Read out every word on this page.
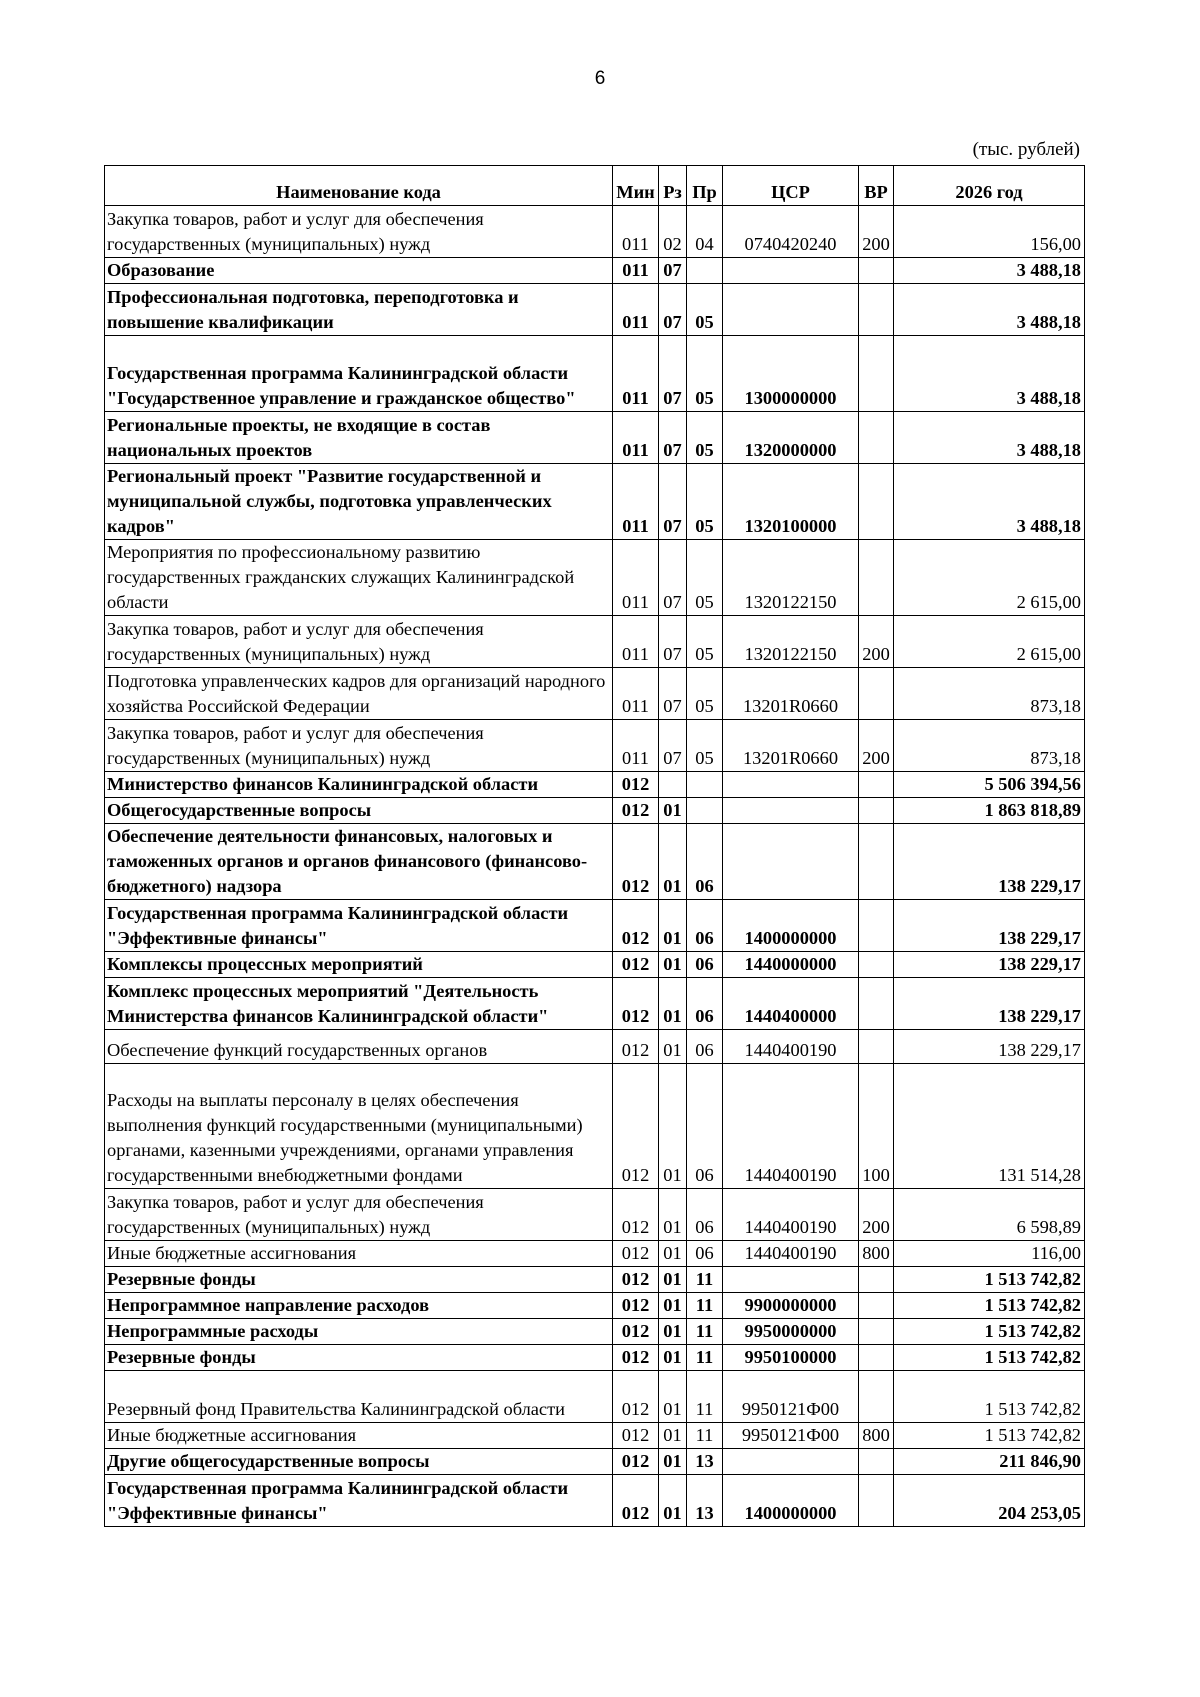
6
(тыс. рублей)
Наименование кода	Мин	Рз	Пр	ЦСР	ВР	2026 год
Закупка товаров, работ и услуг для обеспечения государственных (муниципальных) нужд	011	02	04	0740420240	200	156,00
Образование	011	07				3 488,18
Профессиональная подготовка, переподготовка и повышение квалификации	011	07	05			3 488,18
Государственная программа Калининградской области "Государственное управление и гражданское общество"	011	07	05	1300000000		3 488,18
Региональные проекты, не входящие в состав национальных проектов	011	07	05	1320000000		3 488,18
Региональный проект "Развитие государственной и муниципальной службы, подготовка управленческих кадров"	011	07	05	1320100000		3 488,18
Мероприятия по профессиональному развитию государственных гражданских служащих Калининградской области	011	07	05	1320122150		2 615,00
Закупка товаров, работ и услуг для обеспечения государственных (муниципальных) нужд	011	07	05	1320122150	200	2 615,00
Подготовка управленческих кадров для организаций народного хозяйства Российской Федерации	011	07	05	13201R0660		873,18
Закупка товаров, работ и услуг для обеспечения государственных (муниципальных) нужд	011	07	05	13201R0660	200	873,18
Министерство финансов Калининградской области	012					5 506 394,56
Общегосударственные вопросы	012	01				1 863 818,89
Обеспечение деятельности финансовых, налоговых и таможенных органов и органов финансового (финансово-бюджетного) надзора	012	01	06			138 229,17
Государственная программа Калининградской области "Эффективные финансы"	012	01	06	1400000000		138 229,17
Комплексы процессных мероприятий	012	01	06	1440000000		138 229,17
Комплекс процессных мероприятий "Деятельность Министерства финансов Калининградской области"	012	01	06	1440400000		138 229,17
Обеспечение функций государственных органов	012	01	06	1440400190		138 229,17
Расходы на выплаты персоналу в целях обеспечения выполнения функций государственными (муниципальными) органами, казенными учреждениями, органами управления государственными внебюджетными фондами	012	01	06	1440400190	100	131 514,28
Закупка товаров, работ и услуг для обеспечения государственных (муниципальных) нужд	012	01	06	1440400190	200	6 598,89
Иные бюджетные ассигнования	012	01	06	1440400190	800	116,00
Резервные фонды	012	01	11			1 513 742,82
Непрограммное направление расходов	012	01	11	9900000000		1 513 742,82
Непрограммные расходы	012	01	11	9950000000		1 513 742,82
Резервные фонды	012	01	11	9950100000		1 513 742,82
Резервный фонд Правительства Калининградской области	012	01	11	9950121Ф00		1 513 742,82
Иные бюджетные ассигнования	012	01	11	9950121Ф00	800	1 513 742,82
Другие общегосударственные вопросы	012	01	13			211 846,90
Государственная программа Калининградской области "Эффективные финансы"	012	01	13	1400000000		204 253,05
